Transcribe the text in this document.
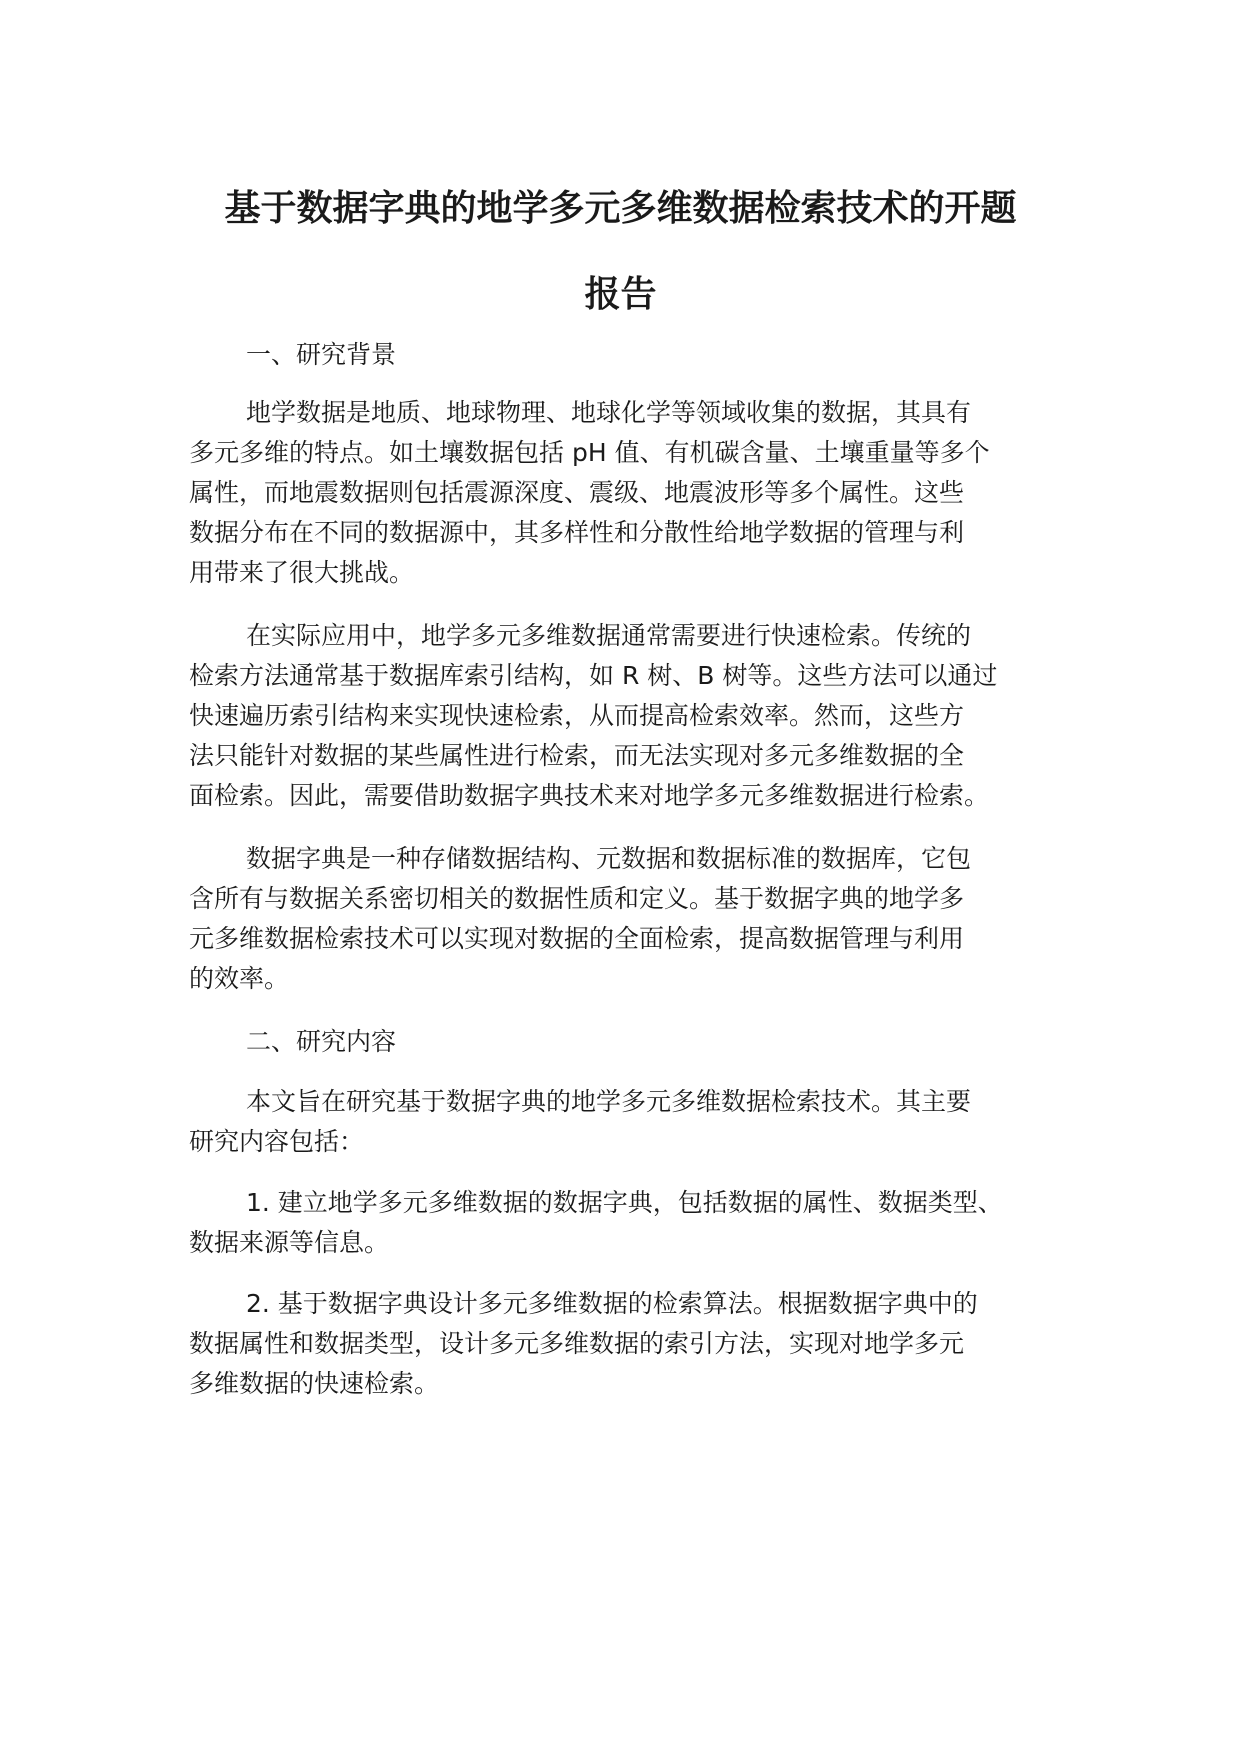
基于数据字典的地学多元多维数据检索技术的开题
报告

一、研究背景

地学数据是地质、地球物理、地球化学等领域收集的数据，其具有

多元多维的特点。如土壤数据包括 pH 值、有机碳含量、土壤重量等多个

属性，而地震数据则包括震源深度、震级、地震波形等多个属性。这些

数据分布在不同的数据源中，其多样性和分散性给地学数据的管理与利

用带来了很大挑战。

在实际应用中，地学多元多维数据通常需要进行快速检索。传统的

检索方法通常基于数据库索引结构，如 R 树、B 树等。这些方法可以通过

快速遍历索引结构来实现快速检索，从而提高检索效率。然而，这些方

法只能针对数据的某些属性进行检索，而无法实现对多元多维数据的全

面检索。因此，需要借助数据字典技术来对地学多元多维数据进行检索。

数据字典是一种存储数据结构、元数据和数据标准的数据库，它包

含所有与数据关系密切相关的数据性质和定义。基于数据字典的地学多

元多维数据检索技术可以实现对数据的全面检索，提高数据管理与利用

的效率。

二、研究内容

本文旨在研究基于数据字典的地学多元多维数据检索技术。其主要

研究内容包括：

1. 建立地学多元多维数据的数据字典，包括数据的属性、数据类型、

数据来源等信息。

2. 基于数据字典设计多元多维数据的检索算法。根据数据字典中的

数据属性和数据类型，设计多元多维数据的索引方法，实现对地学多元

多维数据的快速检索。
